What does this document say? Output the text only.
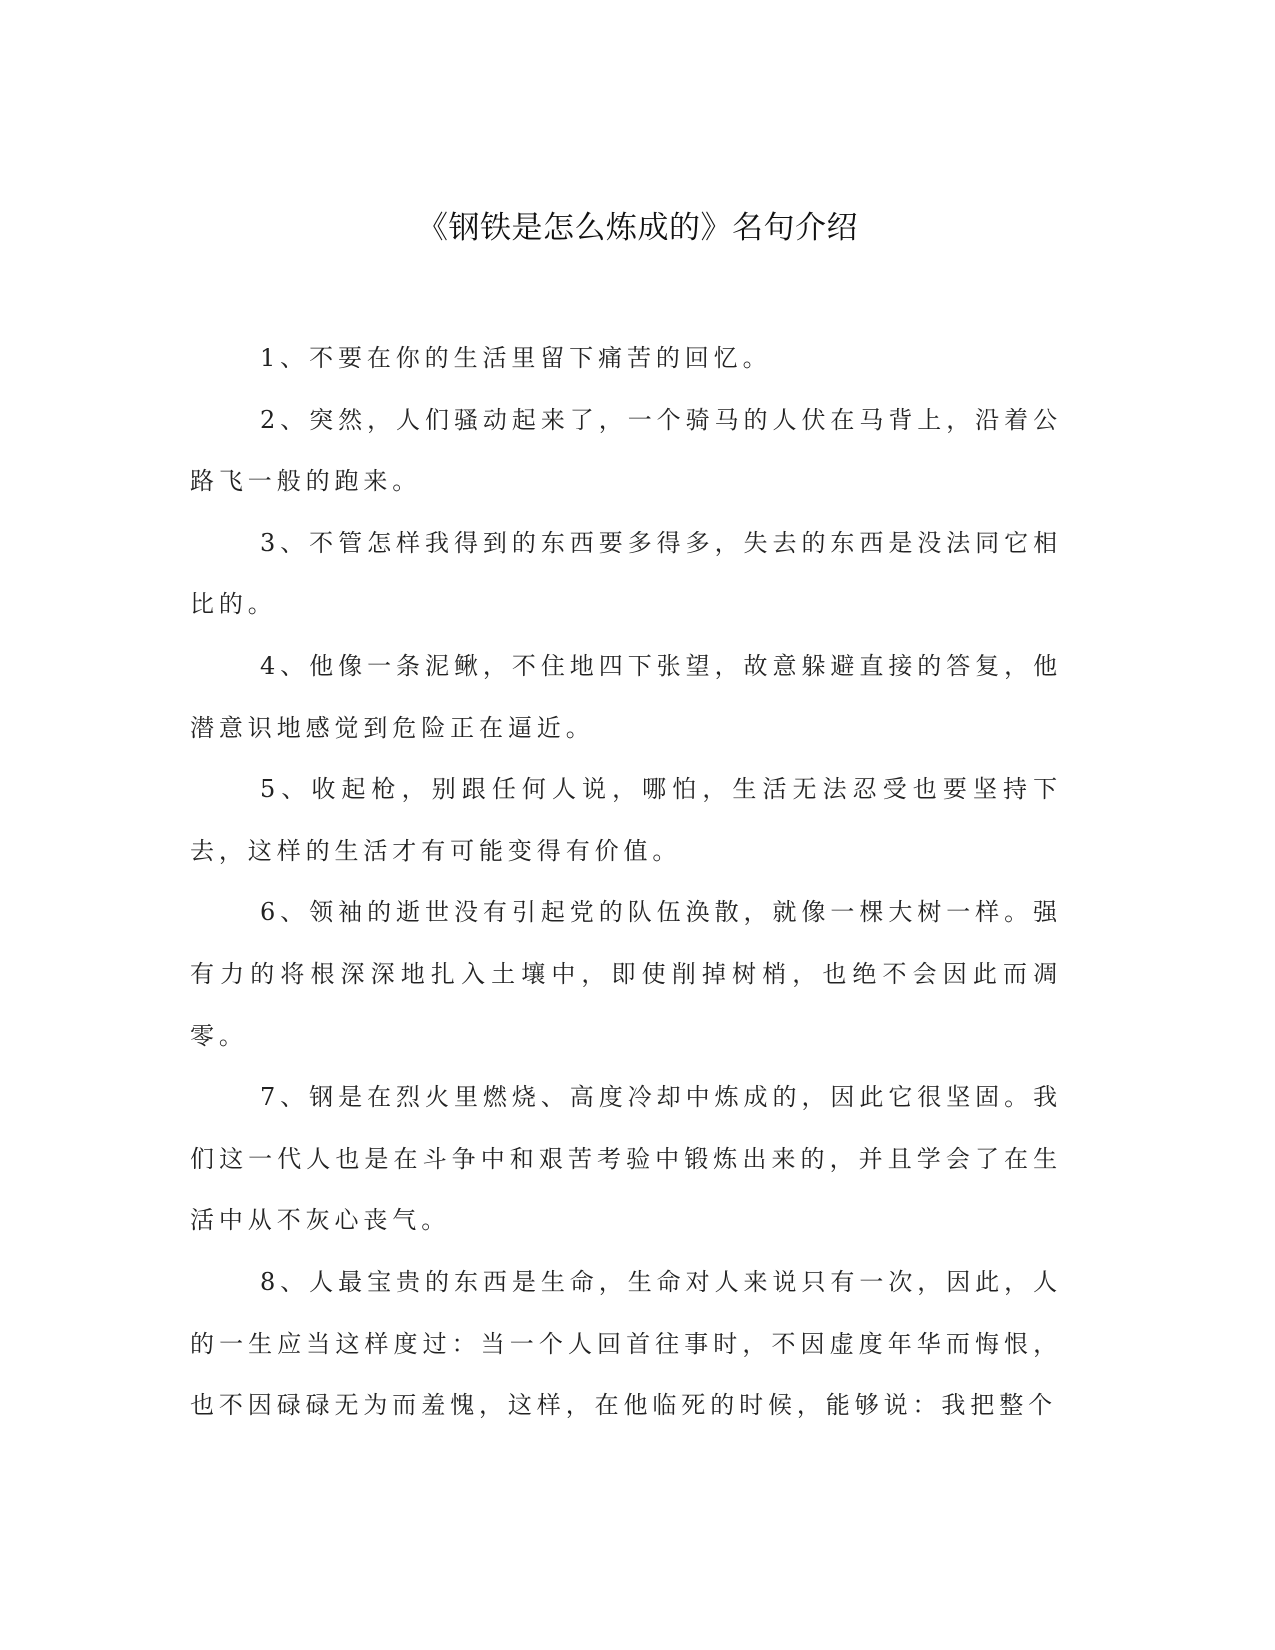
《钢铁是怎么炼成的》名句介绍

1、不要在你的生活里留下痛苦的回忆。

2、突然，人们骚动起来了，一个骑马的人伏在马背上，沿着公路飞一般的跑来。

3、不管怎样我得到的东西要多得多，失去的东西是没法同它相比的。

4、他像一条泥鳅，不住地四下张望，故意躲避直接的答复，他潜意识地感觉到危险正在逼近。

5、收起枪，别跟任何人说，哪怕，生活无法忍受也要坚持下去，这样的生活才有可能变得有价值。

6、领袖的逝世没有引起党的队伍涣散，就像一棵大树一样。强有力的将根深深地扎入土壤中，即使削掉树梢，也绝不会因此而凋零。

7、钢是在烈火里燃烧、高度冷却中炼成的，因此它很坚固。我们这一代人也是在斗争中和艰苦考验中锻炼出来的，并且学会了在生活中从不灰心丧气。

8、人最宝贵的东西是生命，生命对人来说只有一次，因此，人的一生应当这样度过：当一个人回首往事时，不因虚度年华而悔恨，也不因碌碌无为而羞愧，这样，在他临死的时候，能够说：我把整个
